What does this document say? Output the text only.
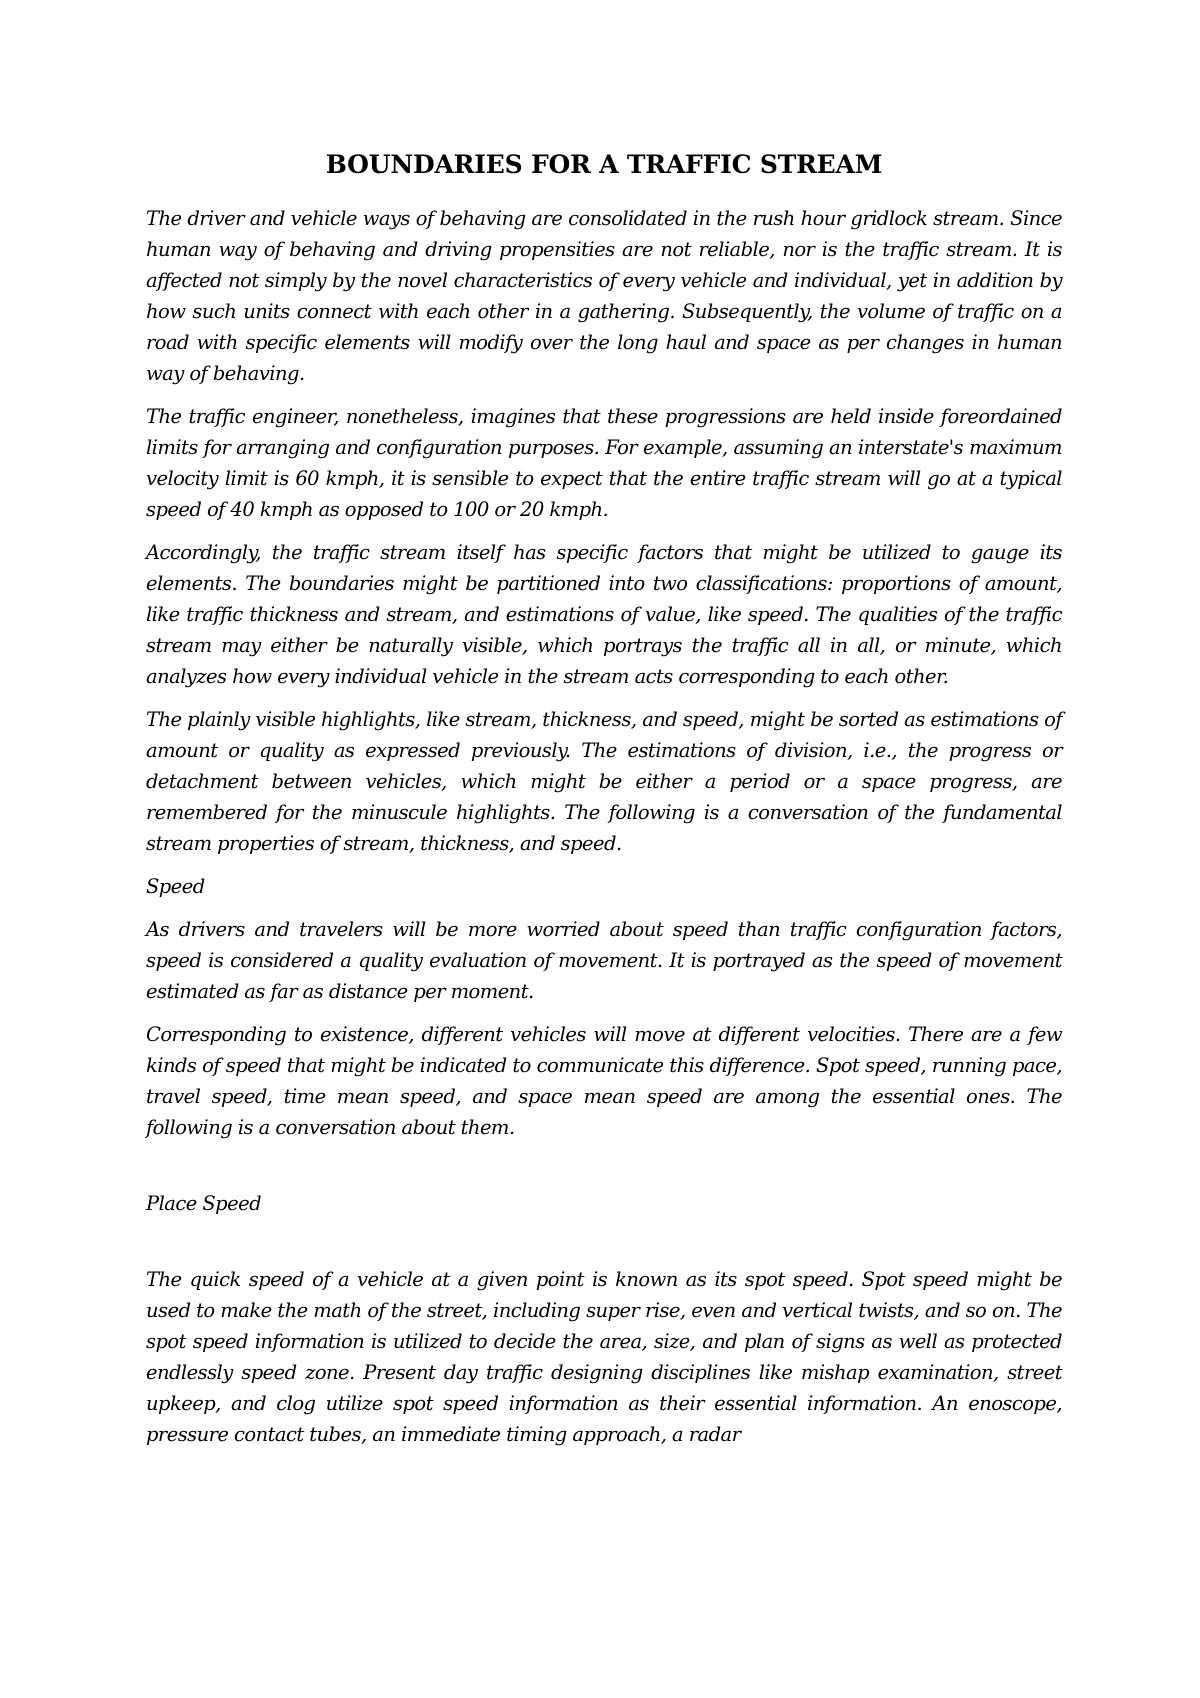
BOUNDARIES FOR A TRAFFIC STREAM

The driver and vehicle ways of behaving are consolidated in the rush hour gridlock stream. Since human way of behaving and driving propensities are not reliable, nor is the traffic stream. It is affected not simply by the novel characteristics of every vehicle and individual, yet in addition by how such units connect with each other in a gathering. Subsequently, the volume of traffic on a road with specific elements will modify over the long haul and space as per changes in human way of behaving.

The traffic engineer, nonetheless, imagines that these progressions are held inside foreordained limits for arranging and configuration purposes. For example, assuming an interstate's maximum velocity limit is 60 kmph, it is sensible to expect that the entire traffic stream will go at a typical speed of 40 kmph as opposed to 100 or 20 kmph.

Accordingly, the traffic stream itself has specific factors that might be utilized to gauge its elements. The boundaries might be partitioned into two classifications: proportions of amount, like traffic thickness and stream, and estimations of value, like speed. The qualities of the traffic stream may either be naturally visible, which portrays the traffic all in all, or minute, which analyzes how every individual vehicle in the stream acts corresponding to each other.

The plainly visible highlights, like stream, thickness, and speed, might be sorted as estimations of amount or quality as expressed previously. The estimations of division, i.e., the progress or detachment between vehicles, which might be either a period or a space progress, are remembered for the minuscule highlights. The following is a conversation of the fundamental stream properties of stream, thickness, and speed.

Speed

As drivers and travelers will be more worried about speed than traffic configuration factors, speed is considered a quality evaluation of movement. It is portrayed as the speed of movement estimated as far as distance per moment.

Corresponding to existence, different vehicles will move at different velocities. There are a few kinds of speed that might be indicated to communicate this difference. Spot speed, running pace, travel speed, time mean speed, and space mean speed are among the essential ones. The following is a conversation about them.

Place Speed

The quick speed of a vehicle at a given point is known as its spot speed. Spot speed might be used to make the math of the street, including super rise, even and vertical twists, and so on. The spot speed information is utilized to decide the area, size, and plan of signs as well as protected endlessly speed zone. Present day traffic designing disciplines like mishap examination, street upkeep, and clog utilize spot speed information as their essential information. An enoscope, pressure contact tubes, an immediate timing approach, a radar
